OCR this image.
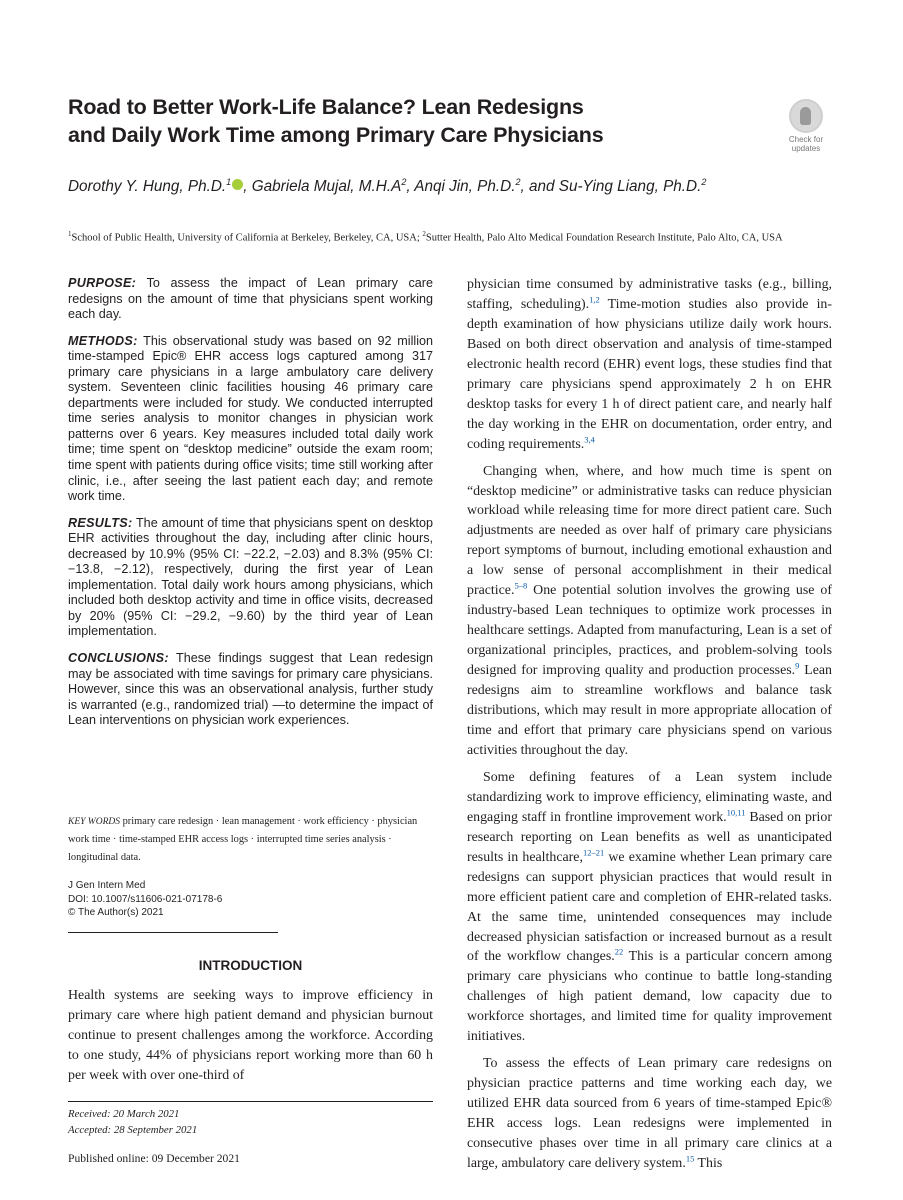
Road to Better Work-Life Balance? Lean Redesigns
and Daily Work Time among Primary Care Physicians	Check for
updates
Dorothy Y. Hung, Ph.D.$^1$ , Gabriela Mujal, $M.H.A^2$, Anqi Jin, Ph.D.$^2$, and Su-Ying Liang, Ph.D.$^2$
$^1$School of Public Health, University of California at Berkeley, Berkeley, CA, USA; $^2$Sutter Health, Palo Alto Medical Foundation Research Institute, Palo Alto, CA, USA

PURPOSE: To assess the impact of Lean primary care redesigns on the amount of time that physicians spent working each day.

METHODS: This observational study was based on 92 million time-stamped Epic® EHR access logs captured among 317 primary care physicians in a large ambulatory care delivery system. Seventeen clinic facilities housing 46 primary care departments were included for study. We conducted interrupted time series analysis to monitor changes in physician work patterns over 6 years. Key measures included total daily work time; time spent on “desktop medicine” outside the exam room; time spent with patients during office visits; time still working after clinic, i.e., after seeing the last patient each day; and remote work time.

RESULTS: The amount of time that physicians spent on desktop EHR activities throughout the day, including after clinic hours, decreased by 10.9% (95% CI: −22.2, −2.03) and 8.3% (95% CI: −13.8, −2.12), respectively, during the first year of Lean implementation. Total daily work hours among physicians, which included both desktop activity and time in office visits, decreased by 20% (95% CI: −29.2, −9.60) by the third year of Lean implementation.

CONCLUSIONS: These findings suggest that Lean redesign may be associated with time savings for primary care physicians. However, since this was an observational analysis, further study is warranted (e.g., randomized trial) —to determine the impact of Lean interventions on physician work experiences.

KEY WORDS primary care redesign · lean management · work efficiency · physician work time · time-stamped EHR access logs · interrupted time series analysis · longitudinal data.
J Gen Intern Med
DOI: 10.1007/s11606-021-07178-6
© The Author(s) 2021
INTRODUCTION

Health systems are seeking ways to improve efficiency in primary care where high patient demand and physician burnout continue to present challenges among the workforce. According to one study, 44% of physicians report working more than 60 h per week with over one-third of

Received: 20 March 2021
Accepted: 28 September 2021
Published online: 09 December 2021

physician time consumed by administrative tasks (e.g., billing, staffing, scheduling).$^{1,2}$ Time-motion studies also provide in-depth examination of how physicians utilize daily work hours. Based on both direct observation and analysis of time-stamped electronic health record (EHR) event logs, these studies find that primary care physicians spend approximately 2 h on EHR desktop tasks for every 1 h of direct patient care, and nearly half the day working in the EHR on documentation, order entry, and coding requirements.$^{3,4}$

Changing when, where, and how much time is spent on “desktop medicine” or administrative tasks can reduce physician workload while releasing time for more direct patient care. Such adjustments are needed as over half of primary care physicians report symptoms of burnout, including emotional exhaustion and a low sense of personal accomplishment in their medical practice.$^{5-8}$ One potential solution involves the growing use of industry-based Lean techniques to optimize work processes in healthcare settings. Adapted from manufacturing, Lean is a set of organizational principles, practices, and problem-solving tools designed for improving quality and production processes.$^9$ Lean redesigns aim to streamline workflows and balance task distributions, which may result in more appropriate allocation of time and effort that primary care physicians spend on various activities throughout the day.

Some defining features of a Lean system include standardizing work to improve efficiency, eliminating waste, and engaging staff in frontline improvement work.$^{10,11}$ Based on prior research reporting on Lean benefits as well as unanticipated results in healthcare,$^{12-21}$ we examine whether Lean primary care redesigns can support physician practices that would result in more efficient patient care and completion of EHR-related tasks. At the same time, unintended consequences may include decreased physician satisfaction or increased burnout as a result of the workflow changes.$^{22}$ This is a particular concern among primary care physicians who continue to battle long-standing challenges of high patient demand, low capacity due to workforce shortages, and limited time for quality improvement initiatives.

To assess the effects of Lean primary care redesigns on physician practice patterns and time working each day, we utilized EHR data sourced from 6 years of time-stamped Epic® EHR access logs. Lean redesigns were implemented in consecutive phases over time in all primary care clinics at a large, ambulatory care delivery system.$^{15}$ This
